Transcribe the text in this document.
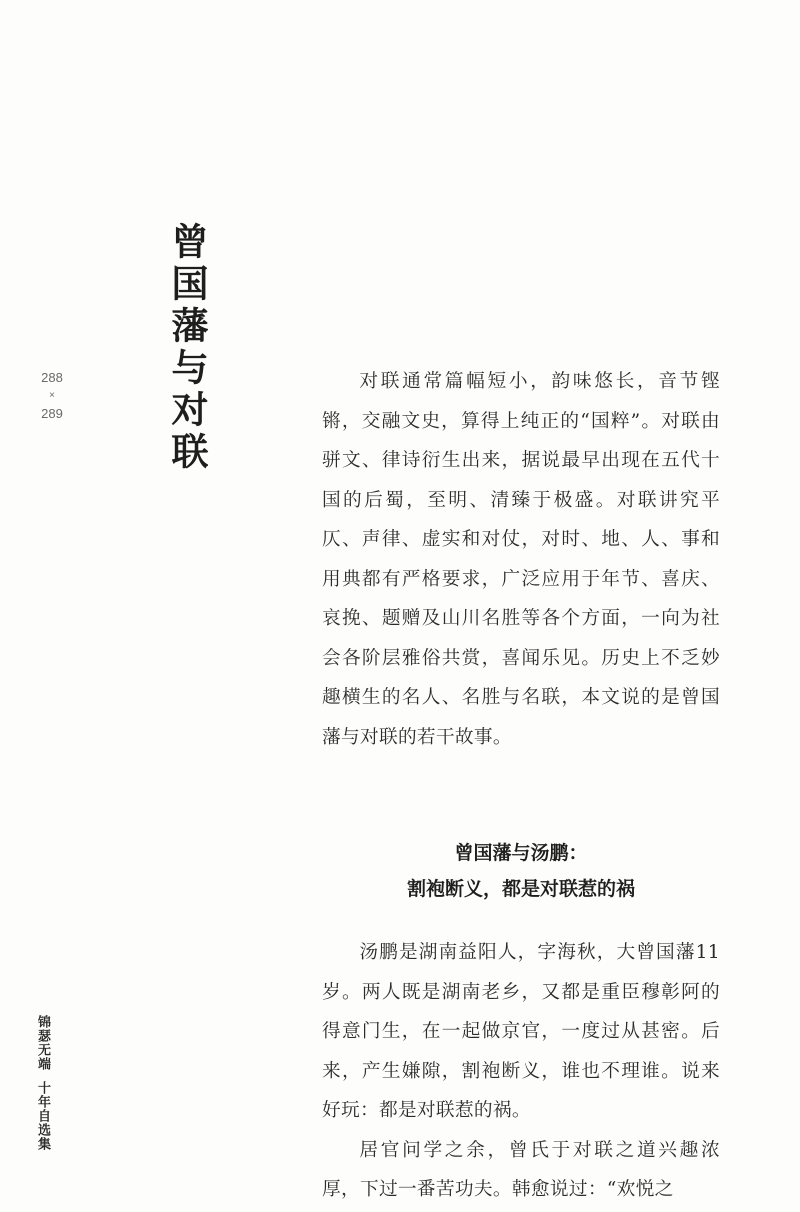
曾国藩与对联
288
×
289
锦瑟无端十年自选集

对联通常篇幅短小，韵味悠长，音节铿锵，交融文史，算得上纯正的“国粹”。对联由骈文、律诗衍生出来，据说最早出现在五代十国的后蜀，至明、清臻于极盛。对联讲究平仄、声律、虚实和对仗，对时、地、人、事和用典都有严格要求，广泛应用于年节、喜庆、哀挽、题赠及山川名胜等各个方面，一向为社会各阶层雅俗共赏，喜闻乐见。历史上不乏妙趣横生的名人、名胜与名联，本文说的是曾国藩与对联的若干故事。

曾国藩与汤鹏：
割袍断义，都是对联惹的祸

汤鹏是湖南益阳人，字海秋，大曾国藩11岁。两人既是湖南老乡，又都是重臣穆彰阿的得意门生，在一起做京官，一度过从甚密。后来，产生嫌隙，割袍断义，谁也不理谁。说来好玩：都是对联惹的祸。

居官问学之余，曾氏于对联之道兴趣浓厚，下过一番苦功夫。韩愈说过：“欢悦之
